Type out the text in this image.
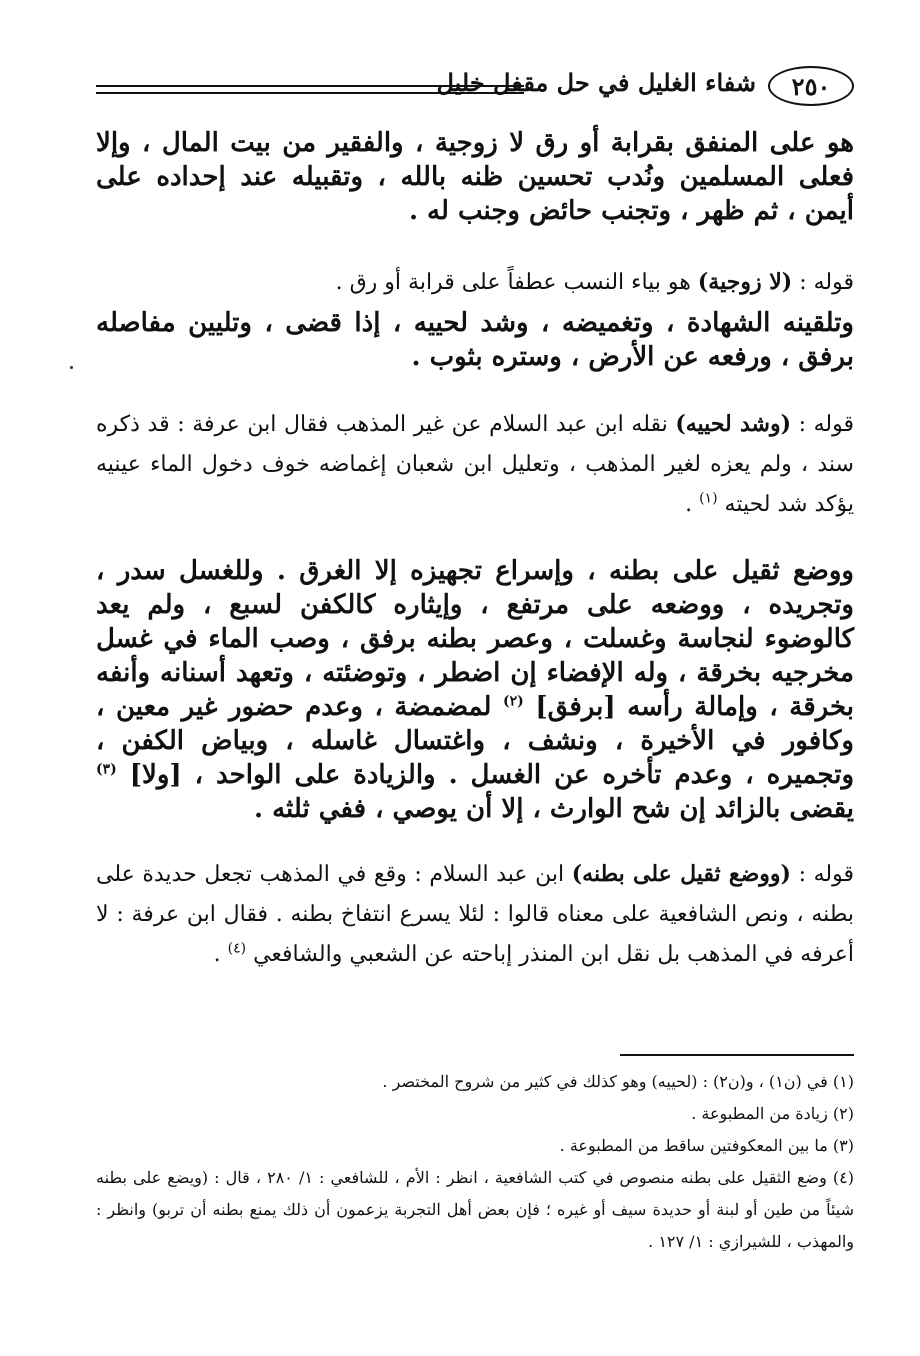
٢٥٠
شفاء الغليل في حل مقفل خليل
هو على المنفق بقرابة أو رق لا زوجية ، والفقير من بيت المال ، وإلا فعلى المسلمين ونُدب تحسين ظنه بالله ، وتقبيله عند إحداده على أيمن ، ثم ظهر ، وتجنب حائض وجنب له .
قوله : (لا زوجية) هو بياء النسب عطفاً على قرابة أو رق .
وتلقينه الشهادة ، وتغميضه ، وشد لحييه ، إذا قضى ، وتليين مفاصله برفق ، ورفعه عن الأرض ، وستره بثوب .
قوله : (وشد لحييه) نقله ابن عبد السلام عن غير المذهب فقال ابن عرفة : قد ذكره سند ، ولم يعزه لغير المذهب ، وتعليل ابن شعبان إغماضه خوف دخول الماء عينيه يؤكد شد لحيته $^{(١)}$ .
ووضع ثقيل على بطنه ، وإسراع تجهيزه إلا الغرق . وللغسل سدر ، وتجريده ، ووضعه على مرتفع ، وإيثاره كالكفن لسبع ، ولم يعد كالوضوء لنجاسة وغسلت ، وعصر بطنه برفق ، وصب الماء في غسل مخرجيه بخرقة ، وله الإفضاء إن اضطر ، وتوضئته ، وتعهد أسنانه وأنفه بخرقة ، وإمالة رأسه [برفق] $^{(٢)}$ لمضمضة ، وعدم حضور غير معين ، وكافور في الأخيرة ، ونشف ، واغتسال غاسله ، وبياض الكفن ، وتجميره ، وعدم تأخره عن الغسل . والزيادة على الواحد ، [ولا] $^{(٣)}$ يقضى بالزائد إن شح الوارث ، إلا أن يوصي ، ففي ثلثه .
قوله : (ووضع ثقيل على بطنه) ابن عبد السلام : وقع في المذهب تجعل حديدة على بطنه ، ونص الشافعية على معناه قالوا : لئلا يسرع انتفاخ بطنه . فقال ابن عرفة : لا أعرفه في المذهب بل نقل ابن المنذر إباحته عن الشعبي والشافعي $^{(٤)}$ .
(١) في (ن١) ، و(ن٢) : (لحييه) وهو كذلك في كثير من شروح المختصر .
(٢) زيادة من المطبوعة .
(٣) ما بين المعكوفتين ساقط من المطبوعة .
(٤) وضع الثقيل على بطنه منصوص في كتب الشافعية ، انظر : الأم ، للشافعي : ١/ ٢٨٠ ، قال : (ويضع على بطنه شيئاً من طين أو لبنة أو حديدة سيف أو غيره ؛ فإن بعض أهل التجربة يزعمون أن ذلك يمنع بطنه أن تربو) وانظر : والمهذب ، للشيرازي : ١/ ١٢٧ .
